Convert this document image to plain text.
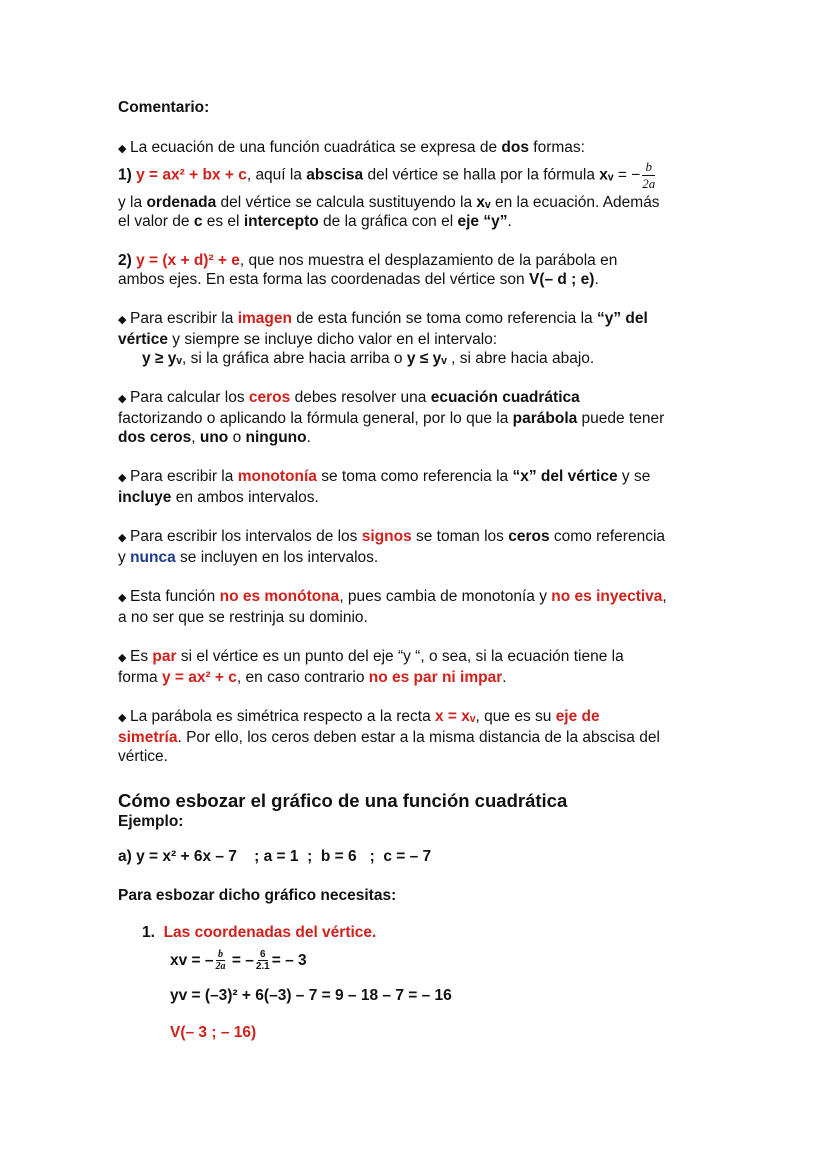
Comentario:

◆ La ecuación de una función cuadrática se expresa de dos formas:

1) y = ax² + bx + c, aquí la abscisa del vértice se halla por la fórmula xᵥ = − $\frac{b}{2a}$

y la ordenada del vértice se calcula sustituyendo la xᵥ en la ecuación. Además

el valor de c es el intercepto de la gráfica con el eje “y”.

2) y = (x + d)² + e, que nos muestra el desplazamiento de la parábola en

ambos ejes. En esta forma las coordenadas del vértice son V(– d ; e).

◆ Para escribir la imagen de esta función se toma como referencia la “y” del

vértice y siempre se incluye dicho valor en el intervalo:

y ≥ yᵥ, si la gráfica abre hacia arriba o y ≤ yᵥ , si abre hacia abajo.

◆ Para calcular los ceros debes resolver una ecuación cuadrática

factorizando o aplicando la fórmula general, por lo que la parábola puede tener

dos ceros, uno o ninguno.

◆ Para escribir la monotonía se toma como referencia la “x” del vértice y se

incluye en ambos intervalos.

◆ Para escribir los intervalos de los signos se toman los ceros como referencia

y nunca se incluyen en los intervalos.

◆ Esta función no es monótona, pues cambia de monotonía y no es inyectiva,

a no ser que se restrinja su dominio.

◆ Es par si el vértice es un punto del eje “y “, o sea, si la ecuación tiene la

forma y = ax² + c, en caso contrario no es par ni impar.

◆ La parábola es simétrica respecto a la recta x = xᵥ, que es su eje de

simetría. Por ello, los ceros deben estar a la misma distancia de la abscisa del

vértice.

Cómo esbozar el gráfico de una función cuadrática

Ejemplo:

a) y = x² + 6x – 7    ; a = 1  ;  b = 6   ;  c = – 7

Para esbozar dicho gráfico necesitas:

1. Las coordenadas del vértice.

xv = – $\frac{b}{2a}$ = – $\frac{6}{2.1}$ = – 3

yv = (–3)² + 6(–3) – 7 = 9 – 18 – 7 = – 16

V(– 3 ; – 16)
